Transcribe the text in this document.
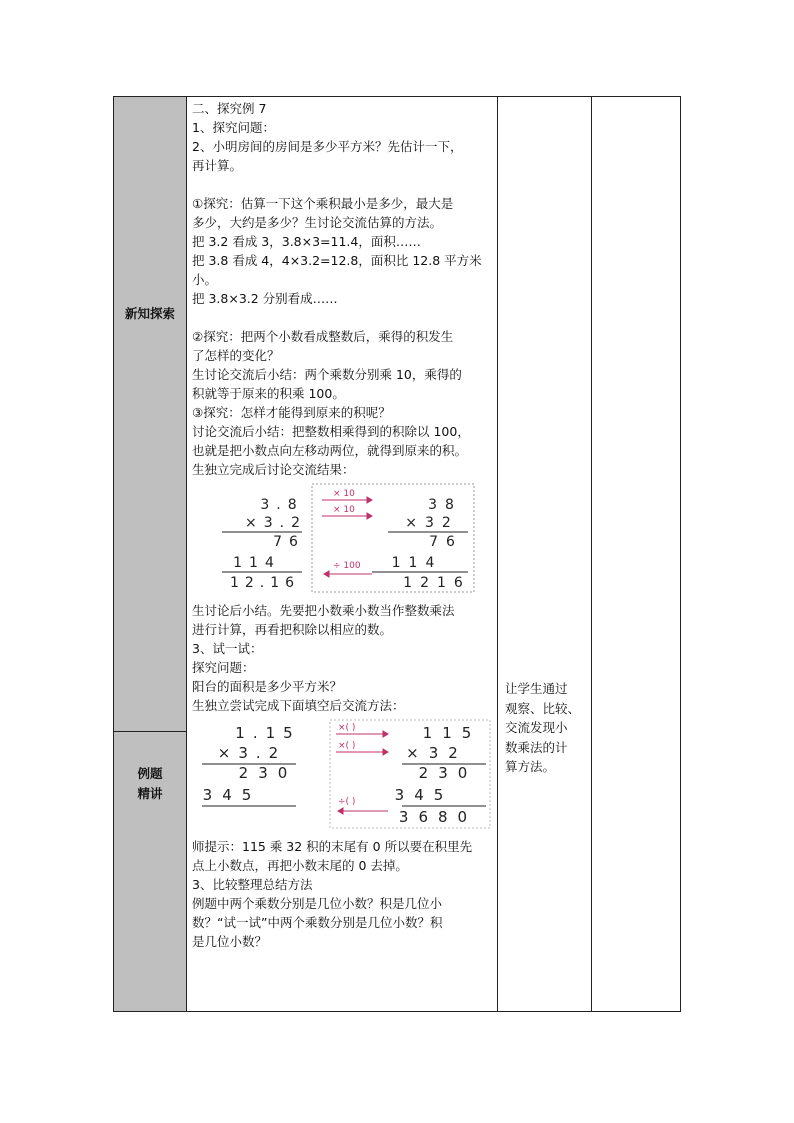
新知探索
例题
精讲
二、探究例 7
1、探究问题：
2、小明房间的房间是多少平方米？先估计一下，
再计算。
①探究：估算一下这个乘积最小是多少，最大是
多少，大约是多少？生讨论交流估算的方法。
把 3.2 看成 3，3.8×3=11.4，面积……
把 3.8 看成 4，4×3.2=12.8，面积比 12.8 平方米
小。
把 3.8×3.2 分别看成……
②探究：把两个小数看成整数后，乘得的积发生
了怎样的变化？
生讨论交流后小结：两个乘数分别乘 10，乘得的
积就等于原来的积乘 100。
③探究：怎样才能得到原来的积呢？
讨论交流后小结：把整数相乘得到的积除以 100，
也就是把小数点向左移动两位，就得到原来的积。
生独立完成后讨论交流结果：
3.8
×3.2
76
114
12.16
38
×32
76
114
1216
× 10
× 10
÷ 100
生讨论后小结。先要把小数乘小数当作整数乘法
进行计算，再看把积除以相应的数。
3、试一试：
探究问题：
阳台的面积是多少平方米？
生独立尝试完成下面填空后交流方法：
1.15
×3.2
230
345
115
×32
230
345
3680
×( )
×( )
÷( )
师提示：115 乘 32 积的末尾有 0 所以要在积里先
点上小数点，再把小数末尾的 0 去掉。
3、比较整理总结方法
例题中两个乘数分别是几位小数？积是几位小
数？“试一试”中两个乘数分别是几位小数？积
是几位小数？
让学生通过
观察、比较、
交流发现小
数乘法的计
算方法。
